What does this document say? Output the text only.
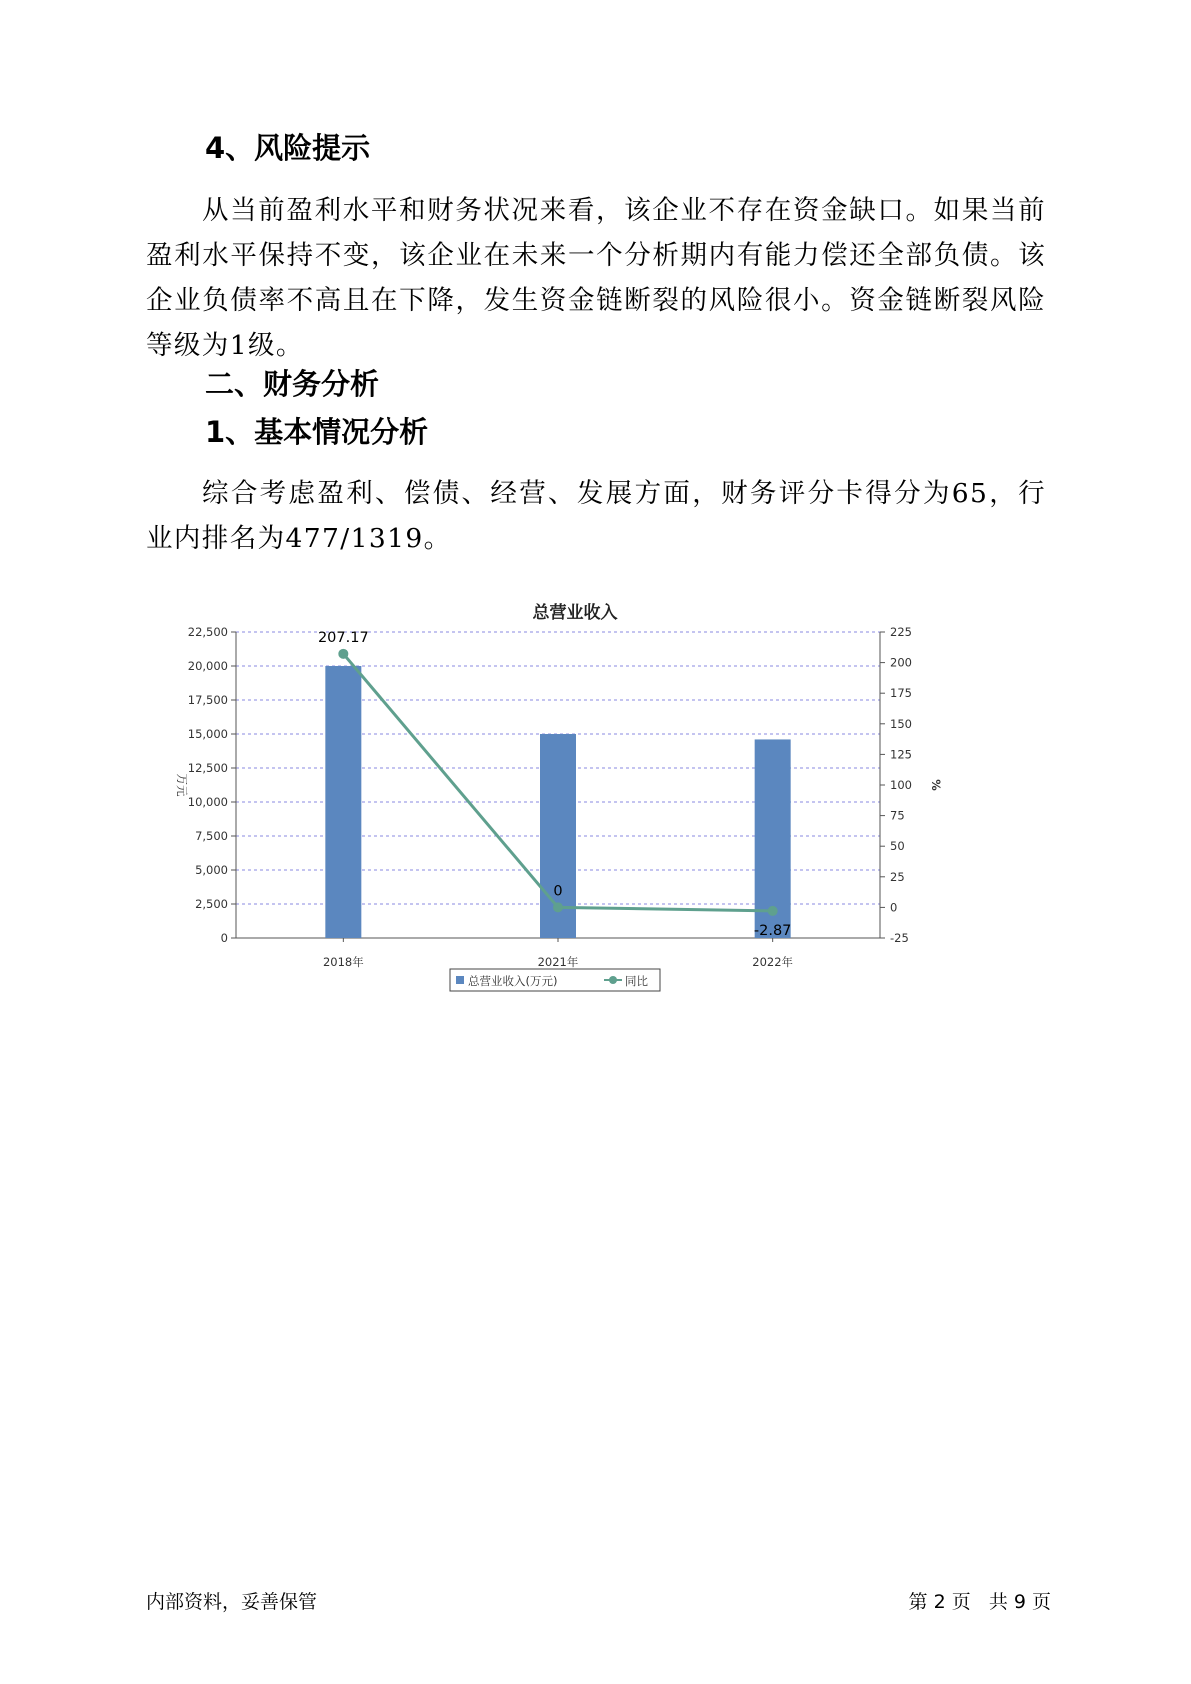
4、风险提示

从当前盈利水平和财务状况来看，该企业不存在资金缺口。如果当前盈利水平保持不变，该企业在未来一个分析期内有能力偿还全部负债。该企业负债率不高且在下降，发生资金链断裂的风险很小。资金链断裂风险等级为1级。

二、财务分析
1、基本情况分析

综合考虑盈利、偿债、经营、发展方面，财务评分卡得分为65，行业内排名为477/1319。

总营业收入
0
2,500
5,000
7,500
10,000
12,500
15,000
17,500
20,000
22,500
-25
0
25
50
75
100
125
150
175
200
225
万元	%
2018年	2021年	2022年
207.17
0
-2.87
总营业收入(万元)	同比
内部资料，妥善保管	第 2 页   共 9 页
